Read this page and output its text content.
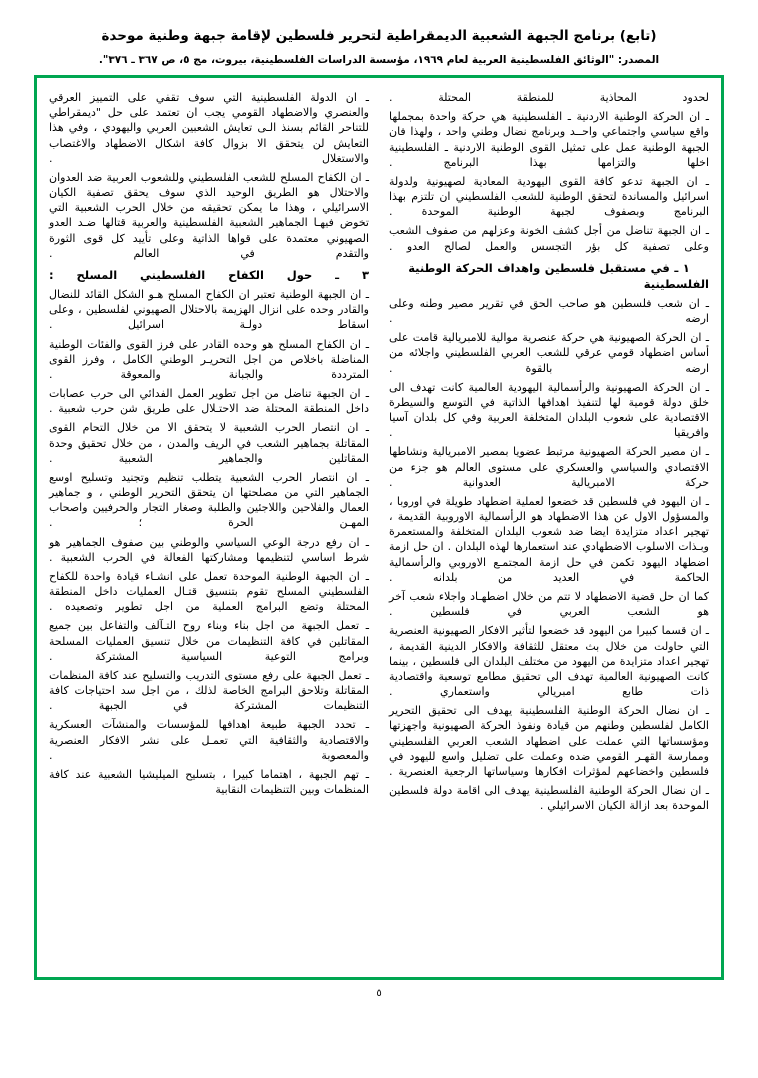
(تابع) برنامج الجبهة الشعبية الديمقراطية لتحرير فلسطين لإقامة جبهة وطنية موحدة
المصدر: "الوثائق الفلسطينية العربية لعام ١٩٦٩، مؤسسة الدراسات الفلسطينية، بيروت، مج ٥، ص ٣٦٧ ـ ٣٧٦".

لحدود المحاذية للمنطقة المحتلة .

ـ ان الحركة الوطنية الاردنية ـ الفلسطينية هي حركة واحدة بمجملها واقع سياسي واجتماعي واحــد وبرنامج نضال وطني واحد ، ولهذا فان الجبهة الوطنية عمل على تمثيل القوى الوطنية الاردنية ـ الفلسطينية اخلها والتزامها بهذا البرنامج .

ـ ان الجبهة تدعو كافة القوى اليهودية المعادية لصهيونية ولدولة اسرائيل والمساندة لتحقق الوطنية للشعب الفلسطيني ان تلتزم بهذا البرنامج وبصفوف لجبهة الوطنية الموحدة .

ـ ان الجبهة تناضل من أجل كشف الخونة وعزلهم من صفوف الشعب وعلى تصفية كل بؤر التجسس والعمل لصالح العدو .

١ ـ في مستقبل فلسطين واهداف الحركة الوطنية الفلسطينية

ـ ان شعب فلسطين هو صاحب الحق في تقرير مصير وطنه وعلى ارضه .

ـ ان الحركة الصهيونية هي حركة عنصرية موالية للامبريالية قامت على أساس اضطهاد قومي عرقي للشعب العربي الفلسطيني واجلائه من ارضه بالقوة .

ـ ان الحركة الصهيونية والرأسمالية اليهودية العالمية كانت تهدف الى خلق دولة قومية لها لتنفيذ اهدافها الذاتية في التوسع والسيطرة الاقتصادية على شعوب البلدان المتخلفة العربية وفي كل بلدان آسيا وافريقيا .

ـ ان مصير الحركة الصهيونية مرتبط عضويا بمصير الامبريالية ونشاطها الاقتصادي والسياسي والعسكري على مستوى العالم هو جزء من حركة الامبريالية العدوانية .

ـ ان اليهود في فلسطين قد خضعوا لعملية اضطهاد طويلة في اوروبا ، والمسؤول الاول عن هذا الاضطهاد هو الرأسمالية الاوروبية القديمة ، تهجير اعداد متزايدة ايضا ضد شعوب البلدان المتخلفة والمستعمرة وبـذات الاسلوب الاضطهادي عند استعمارها لهذه البلدان . ان حل ازمة اضطهاد اليهود تكمن في حل ازمة المجتمـع الاوروبي والرأسمالية الحاكمة في العديد من بلدانه .

كما ان حل قضية الاضطهاد لا تتم من خلال اضطهـاد واجلاء شعب آخر هو الشعب العربي في فلسطين .

ـ ان قسما كبيرا من اليهود قد خضعوا لتأثير الافكار الصهيونية العنصرية التي حاولت من خلال بث معتقل للثقافة والافكار الدينية القديمة ، تهجير اعداد متزايدة من اليهود من مختلف البلدان الى فلسطين ، بينما كانت الصهيونية العالمية تهدف الى تحقيق مطامع توسعية واقتصادية ذات طابع امبريالي واستعماري .

ـ ان نضال الحركة الوطنية الفلسطينية يهدف الى تحقيق التحرير الكامل لفلسطين وطنهم من قيادة ونفوذ الحركة الصهيونية واجهزتها ومؤسساتها التي عملت على اضطهاد الشعب العربي الفلسطيني وممارسة القهـر القومي ضده وعملت على تضليل واسع لليهود في فلسطين واخضاعهم لمؤثرات افكارها وسياساتها الرجعية العنصرية .

ـ ان نضال الحركة الوطنية الفلسطينية يهدف الى اقامة دولة فلسطين الموحدة بعد ازالة الكيان الاسرائيلي .

ـ ان الدولة الفلسطينية التي سوف تقفي على التمييز العرقي والعنصري والاضطهاد القومي يجب ان تعتمد على حل "ديمقراطي للتناحر القائم بسنذ الـى تعايش الشعبين العربي واليهودي ، وفي هذا التعايش لن يتحقق الا بزوال كافة اشكال الاضطهاد والاغتصاب والاستغلال .

ـ ان الكفاح المسلح للشعب الفلسطيني وللشعوب العربية ضد العدوان والاحتلال هو الطريق الوحيد الذي سوف يحقق تصفية الكيان الاسرائيلي ، وهذا ما يمكن تحقيقه من خلال الحرب الشعبية التي تخوض فيهـا الجماهير الشعبية الفلسطينية والعربية قتالها ضـد العدو الصهيوني معتمدة على قواها الذاتية وعلى تأييد كل قوى الثورة والتقدم في العالم .

٣ ـ حول الكفاح الفلسطيني المسلح :

ـ ان الجبهة الوطنية تعتبر ان الكفاح المسلح هـو الشكل القائد للنضال والقادر وحده على انزال الهزيمة بالاحتلال الصهيوني لفلسطين ، وعلى اسقاط دولـة اسرائيل .

ـ ان الكفاح المسلح هو وحده القادر على فرز القوى والفئات الوطنية المناضلة باخلاص من اجل التحريـر الوطني الكامل ، وفرز القوى المترددة والجبانة والمعوقة .

ـ ان الجبهة تناضل من اجل تطوير العمل الفدائي الى حرب عصابات داخل المنطقة المحتلة ضد الاحتـلال على طريق شن حرب شعبية .

ـ ان انتصار الحرب الشعبية لا يتحقق الا من خلال التحام القوى المقاتلة بجماهير الشعب في الريف والمدن ، من خلال تحقيق وحدة المقاتلين والجماهير الشعبية .

ـ ان انتصار الحرب الشعبية يتطلب تنظيم وتجنيد وتسليح اوسع الجماهير التي من مصلحتها ان يتحقق التحرير الوطني ، و جماهير العمال والفلاحين واللاجئين والطلبة وصغار التجار والحرفيين واصحاب المهـن الحرة ؛ .

ـ ان رفع درجة الوعي السياسي والوطني بين صفوف الجماهير هو شرط اساسي لتنظيمها ومشاركتها الفعالة في الحرب الشعبية .

ـ ان الجبهة الوطنية الموحدة تعمل على انشـاء قيادة واحدة للكفاح الفلسطيني المسلح تقوم بتنسيق قتـال العمليات داخل المنطقة المحتلة وتضع البرامج العملية من اجل تطوير وتصعيده .

ـ تعمل الجبهة من اجل بناء وبناء روح التـآلف والتفاعل بين جميع المقاتلين في كافة التنظيمات من خلال تنسيق العمليات المسلحة وبرامج التوعية السياسية المشتركة .

ـ تعمل الجبهة على رفع مستوى التدريب والتسليح عند كافة المنظمات المقاتلة وتلاحق البرامج الخاصة لذلك ، من اجل سد احتياجات كافة التنظيمات المشتركة في الجبهة .

ـ تحدد الجبهة طبيعة اهدافها للمؤسسات والمنشآت العسكرية والاقتصادية والثقافية التي تعمـل على نشر الافكار العنصرية والمعصوبة .

ـ تهم الجبهة ، اهتماما كبيرا ، بتسليح الميليشيا الشعبية عند كافة المنظمات وبين التنظيمات النقابية

٥
